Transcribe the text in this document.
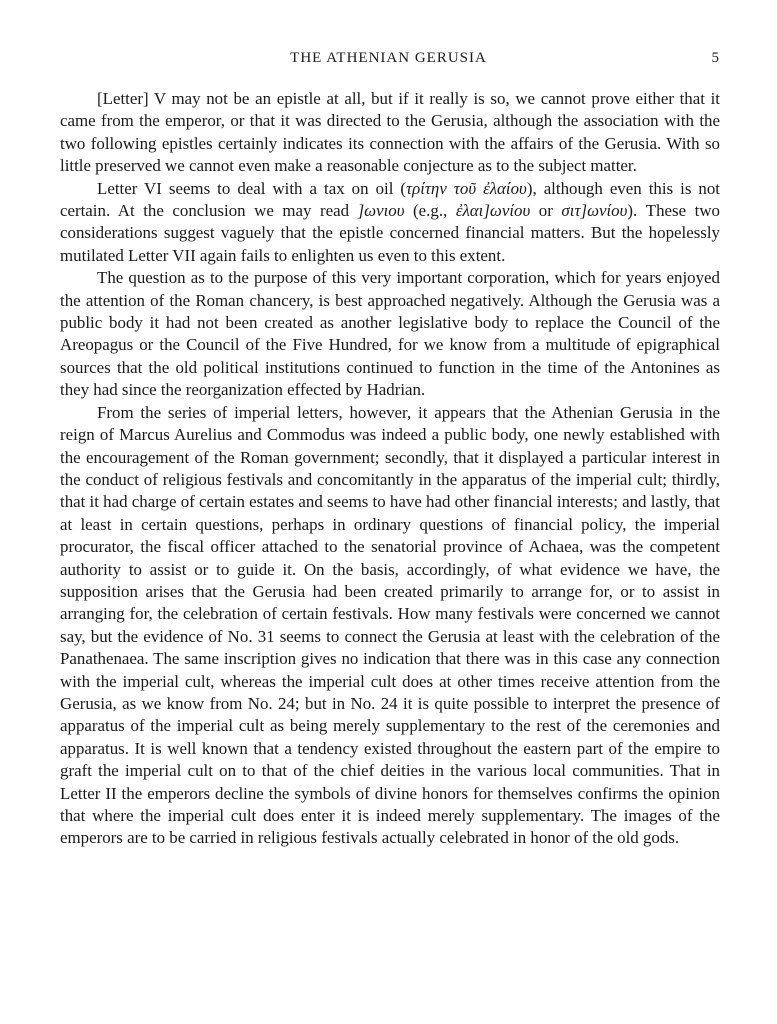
THE ATHENIAN GERUSIA	5

[Letter] V may not be an epistle at all, but if it really is so, we cannot prove either that it came from the emperor, or that it was directed to the Gerusia, although the association with the two following epistles certainly indicates its connection with the affairs of the Gerusia. With so little preserved we cannot even make a reasonable conjecture as to the subject matter.

Letter VI seems to deal with a tax on oil (τρίτην τοῦ ἐλαίου), although even this is not certain. At the conclusion we may read ]ωνιου (e.g., ἐλαι]ωνίου or σιτ]ωνίου). These two considerations suggest vaguely that the epistle concerned financial matters. But the hopelessly mutilated Letter VII again fails to enlighten us even to this extent.

The question as to the purpose of this very important corporation, which for years enjoyed the attention of the Roman chancery, is best approached negatively. Although the Gerusia was a public body it had not been created as another legislative body to replace the Council of the Areopagus or the Council of the Five Hundred, for we know from a multitude of epigraphical sources that the old political institutions continued to function in the time of the Antonines as they had since the reorganization effected by Hadrian.

From the series of imperial letters, however, it appears that the Athenian Gerusia in the reign of Marcus Aurelius and Commodus was indeed a public body, one newly established with the encouragement of the Roman government; secondly, that it displayed a particular interest in the conduct of religious festivals and concomitantly in the apparatus of the imperial cult; thirdly, that it had charge of certain estates and seems to have had other financial interests; and lastly, that at least in certain questions, perhaps in ordinary questions of financial policy, the imperial procurator, the fiscal officer attached to the senatorial province of Achaea, was the competent authority to assist or to guide it. On the basis, accordingly, of what evidence we have, the supposition arises that the Gerusia had been created primarily to arrange for, or to assist in arranging for, the celebration of certain festivals. How many festivals were concerned we cannot say, but the evidence of No. 31 seems to connect the Gerusia at least with the celebration of the Panathenaea. The same inscription gives no indication that there was in this case any connection with the imperial cult, whereas the imperial cult does at other times receive attention from the Gerusia, as we know from No. 24; but in No. 24 it is quite possible to interpret the presence of apparatus of the imperial cult as being merely supplementary to the rest of the ceremonies and apparatus. It is well known that a tendency existed throughout the eastern part of the empire to graft the imperial cult on to that of the chief deities in the various local communities. That in Letter II the emperors decline the symbols of divine honors for themselves confirms the opinion that where the imperial cult does enter it is indeed merely supplementary. The images of the emperors are to be carried in religious festivals actually celebrated in honor of the old gods.
